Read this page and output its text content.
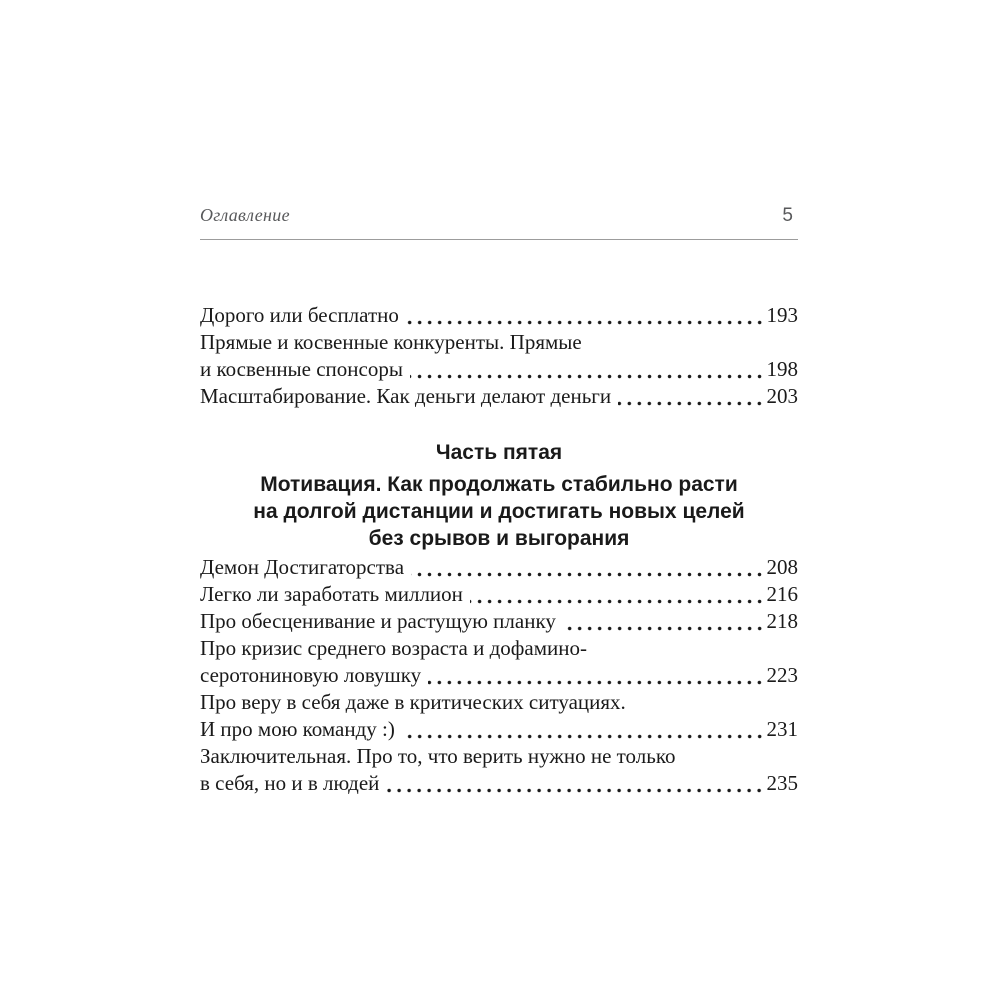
Оглавление	5
Дорого или бесплатно	193
Прямые и косвенные конкуренты. Прямые
и косвенные спонсоры	198
Масштабирование. Как деньги делают деньги	203
Часть пятая
Мотивация. Как продолжать стабильно расти
на долгой дистанции и достигать новых целей
без срывов и выгорания
Демон Достигаторства	208
Легко ли заработать миллион	216
Про обесценивание и растущую планку	218
Про кризис среднего возраста и дофамино-
серотониновую ловушку	223
Про веру в себя даже в критических ситуациях.
И про мою команду :)	231
Заключительная. Про то, что верить нужно не только
в себя, но и в людей	235
